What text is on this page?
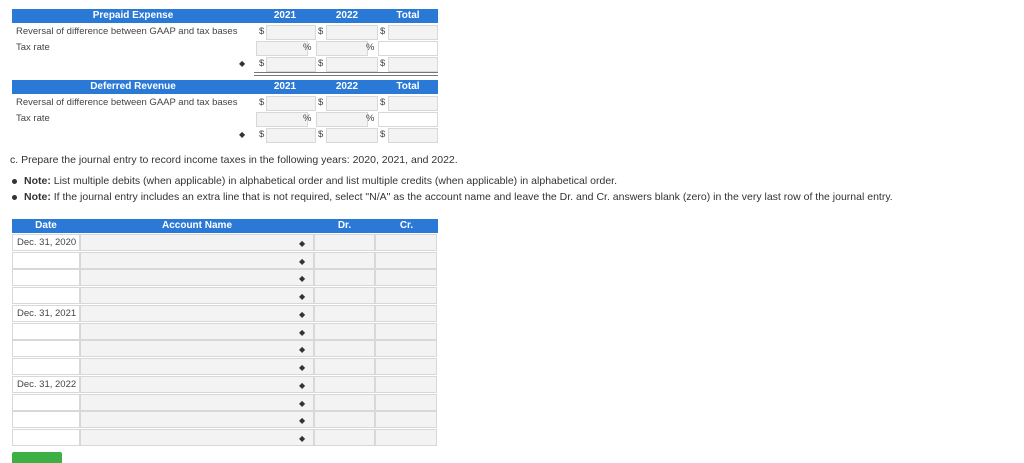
Prepaid Expense	2021	2022	Total
Reversal of difference between GAAP and tax bases $	$	$
Tax rate	%	%
◆ $	$	$
Deferred Revenue	2021	2022	Total
Reversal of difference between GAAP and tax bases $	$	$
Tax rate	%	%
◆ $	$	$
c. Prepare the journal entry to record income taxes in the following years: 2020, 2021, and 2022.
Note: List multiple debits (when applicable) in alphabetical order and list multiple credits (when applicable) in alphabetical order.
Note: If the journal entry includes an extra line that is not required, select "N/A" as the account name and leave the Dr. and Cr. answers blank (zero) in the very last row of the journal entry.
Date	Account Name	Dr.	Cr.
Dec. 31, 2020	◆
◆
◆
◆
Dec. 31, 2021	◆
◆
◆
◆
Dec. 31, 2022	◆
◆
◆
◆
